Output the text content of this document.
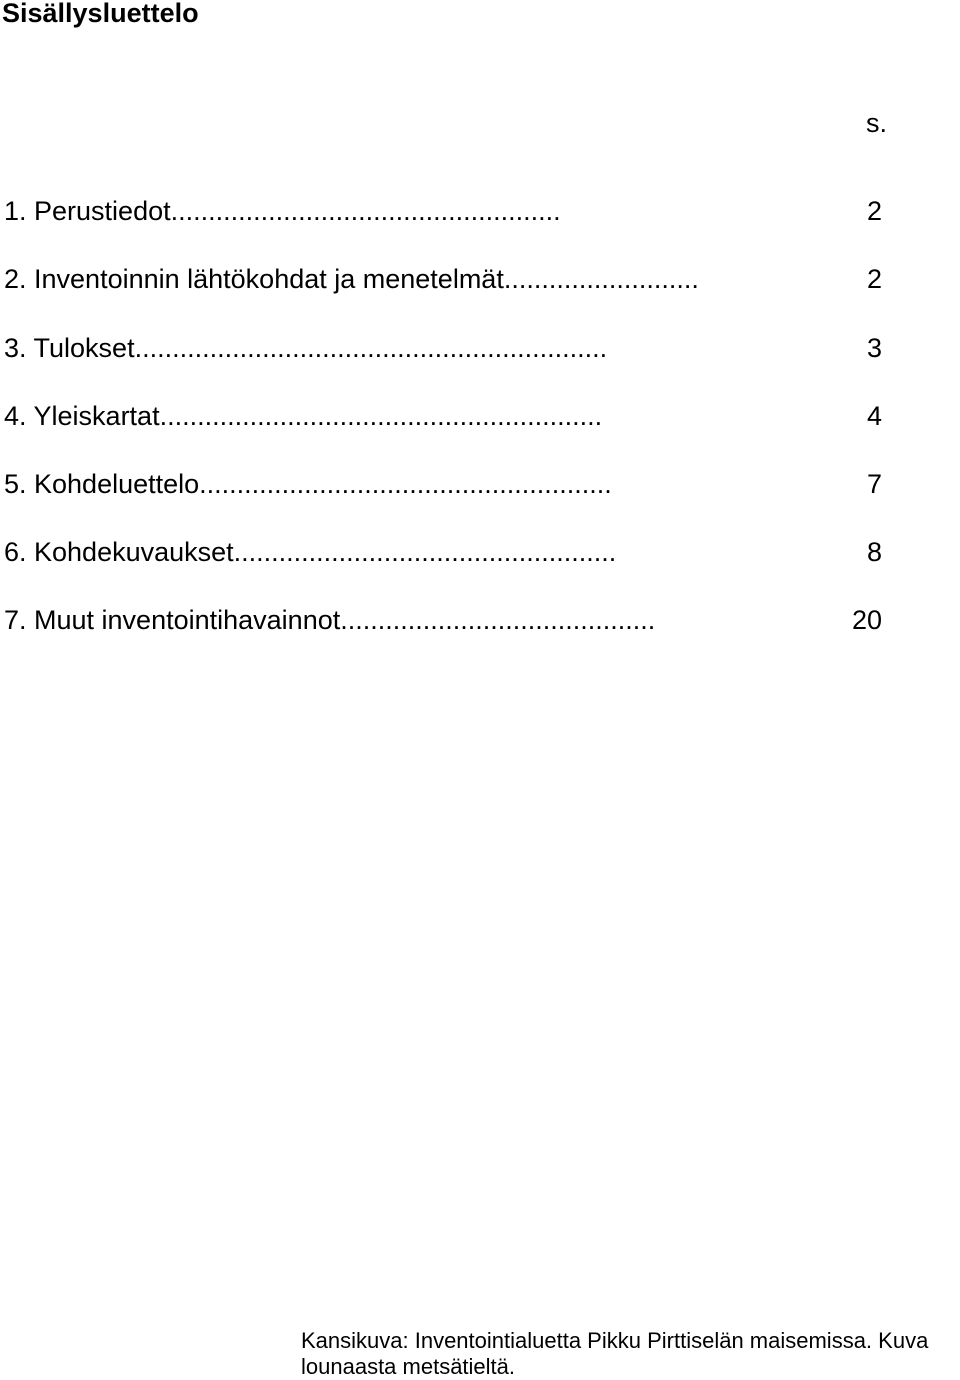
Sisällysluettelo
s.
1. Perustiedot....................................................	2
2. Inventoinnin lähtökohdat ja menetelmät..........................	2
3. Tulokset...............................................................	3
4. Yleiskartat...........................................................	4
5. Kohdeluettelo.......................................................	7
6. Kohdekuvaukset...................................................	8
7. Muut inventointihavainnot..........................................	20
Kansikuva: Inventointialuetta Pikku Pirttiselän maisemissa. Kuva lounaasta metsätieltä.
